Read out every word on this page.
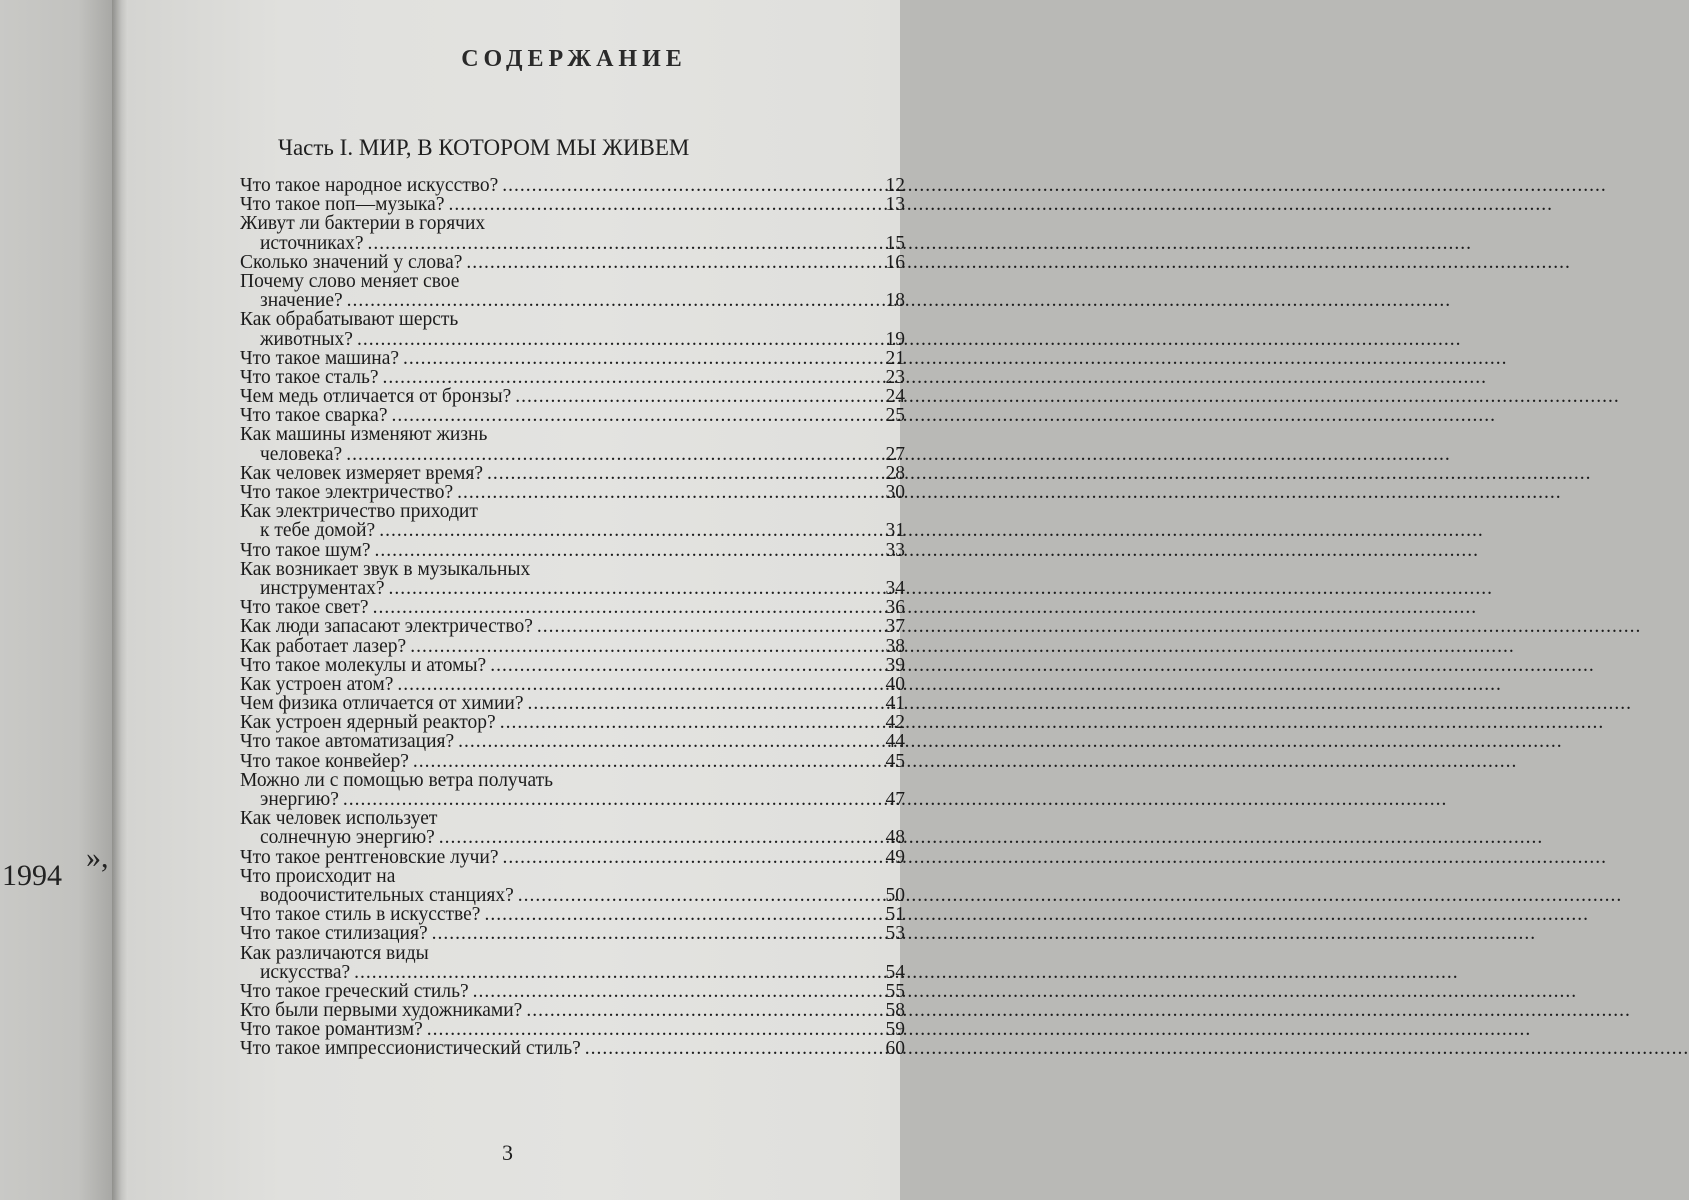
»,
1994
СОДЕРЖАНИЕ
Часть I. МИР, В КОТОРОМ МЫ ЖИВЕМ
Что такое народное искусство? .....	12
Что такое поп—музыка? .....	13
Живут ли бактерии в горячих
источниках? .....	15
Сколько значений у слова? .....	16
Почему слово меняет свое
значение? .....	18
Как обрабатывают шерсть
животных? .....	19
Что такое машина? .....	21
Что такое сталь? .....	23
Чем медь отличается от бронзы? .....	24
Что такое сварка? .....	25
Как машины изменяют жизнь
человека? .....	27
Как человек измеряет время? .....	28
Что такое электричество? .....	30
Как электричество приходит
к тебе домой? .....	31
Что такое шум? .....	33
Как возникает звук в музыкальных
инструментах? .....	34
Что такое свет? .....	36
Как люди запасают электричество? .....	37
Как работает лазер? .....	38
Что такое молекулы и атомы? .....	39
Как устроен атом? .....	40
Чем физика отличается от химии? .....	41
Как устроен ядерный реактор? .....	42
Что такое автоматизация? .....	44
Что такое конвейер? .....	45
Можно ли с помощью ветра получать
энергию? .....	47
Как человек использует
солнечную энергию? .....	48
Что такое рентгеновские лучи? .....	49
Что происходит на
водоочистительных станциях? .....	50
Что такое стиль в искусстве? .....	51
Что такое стилизация? .....	53
Как различаются виды
искусства? .....	54
Что такое греческий стиль? .....	55
Кто были первыми художниками? .....	58
Что такое романтизм? .....	59
Что такое импрессионистический стиль? .....	60
3
